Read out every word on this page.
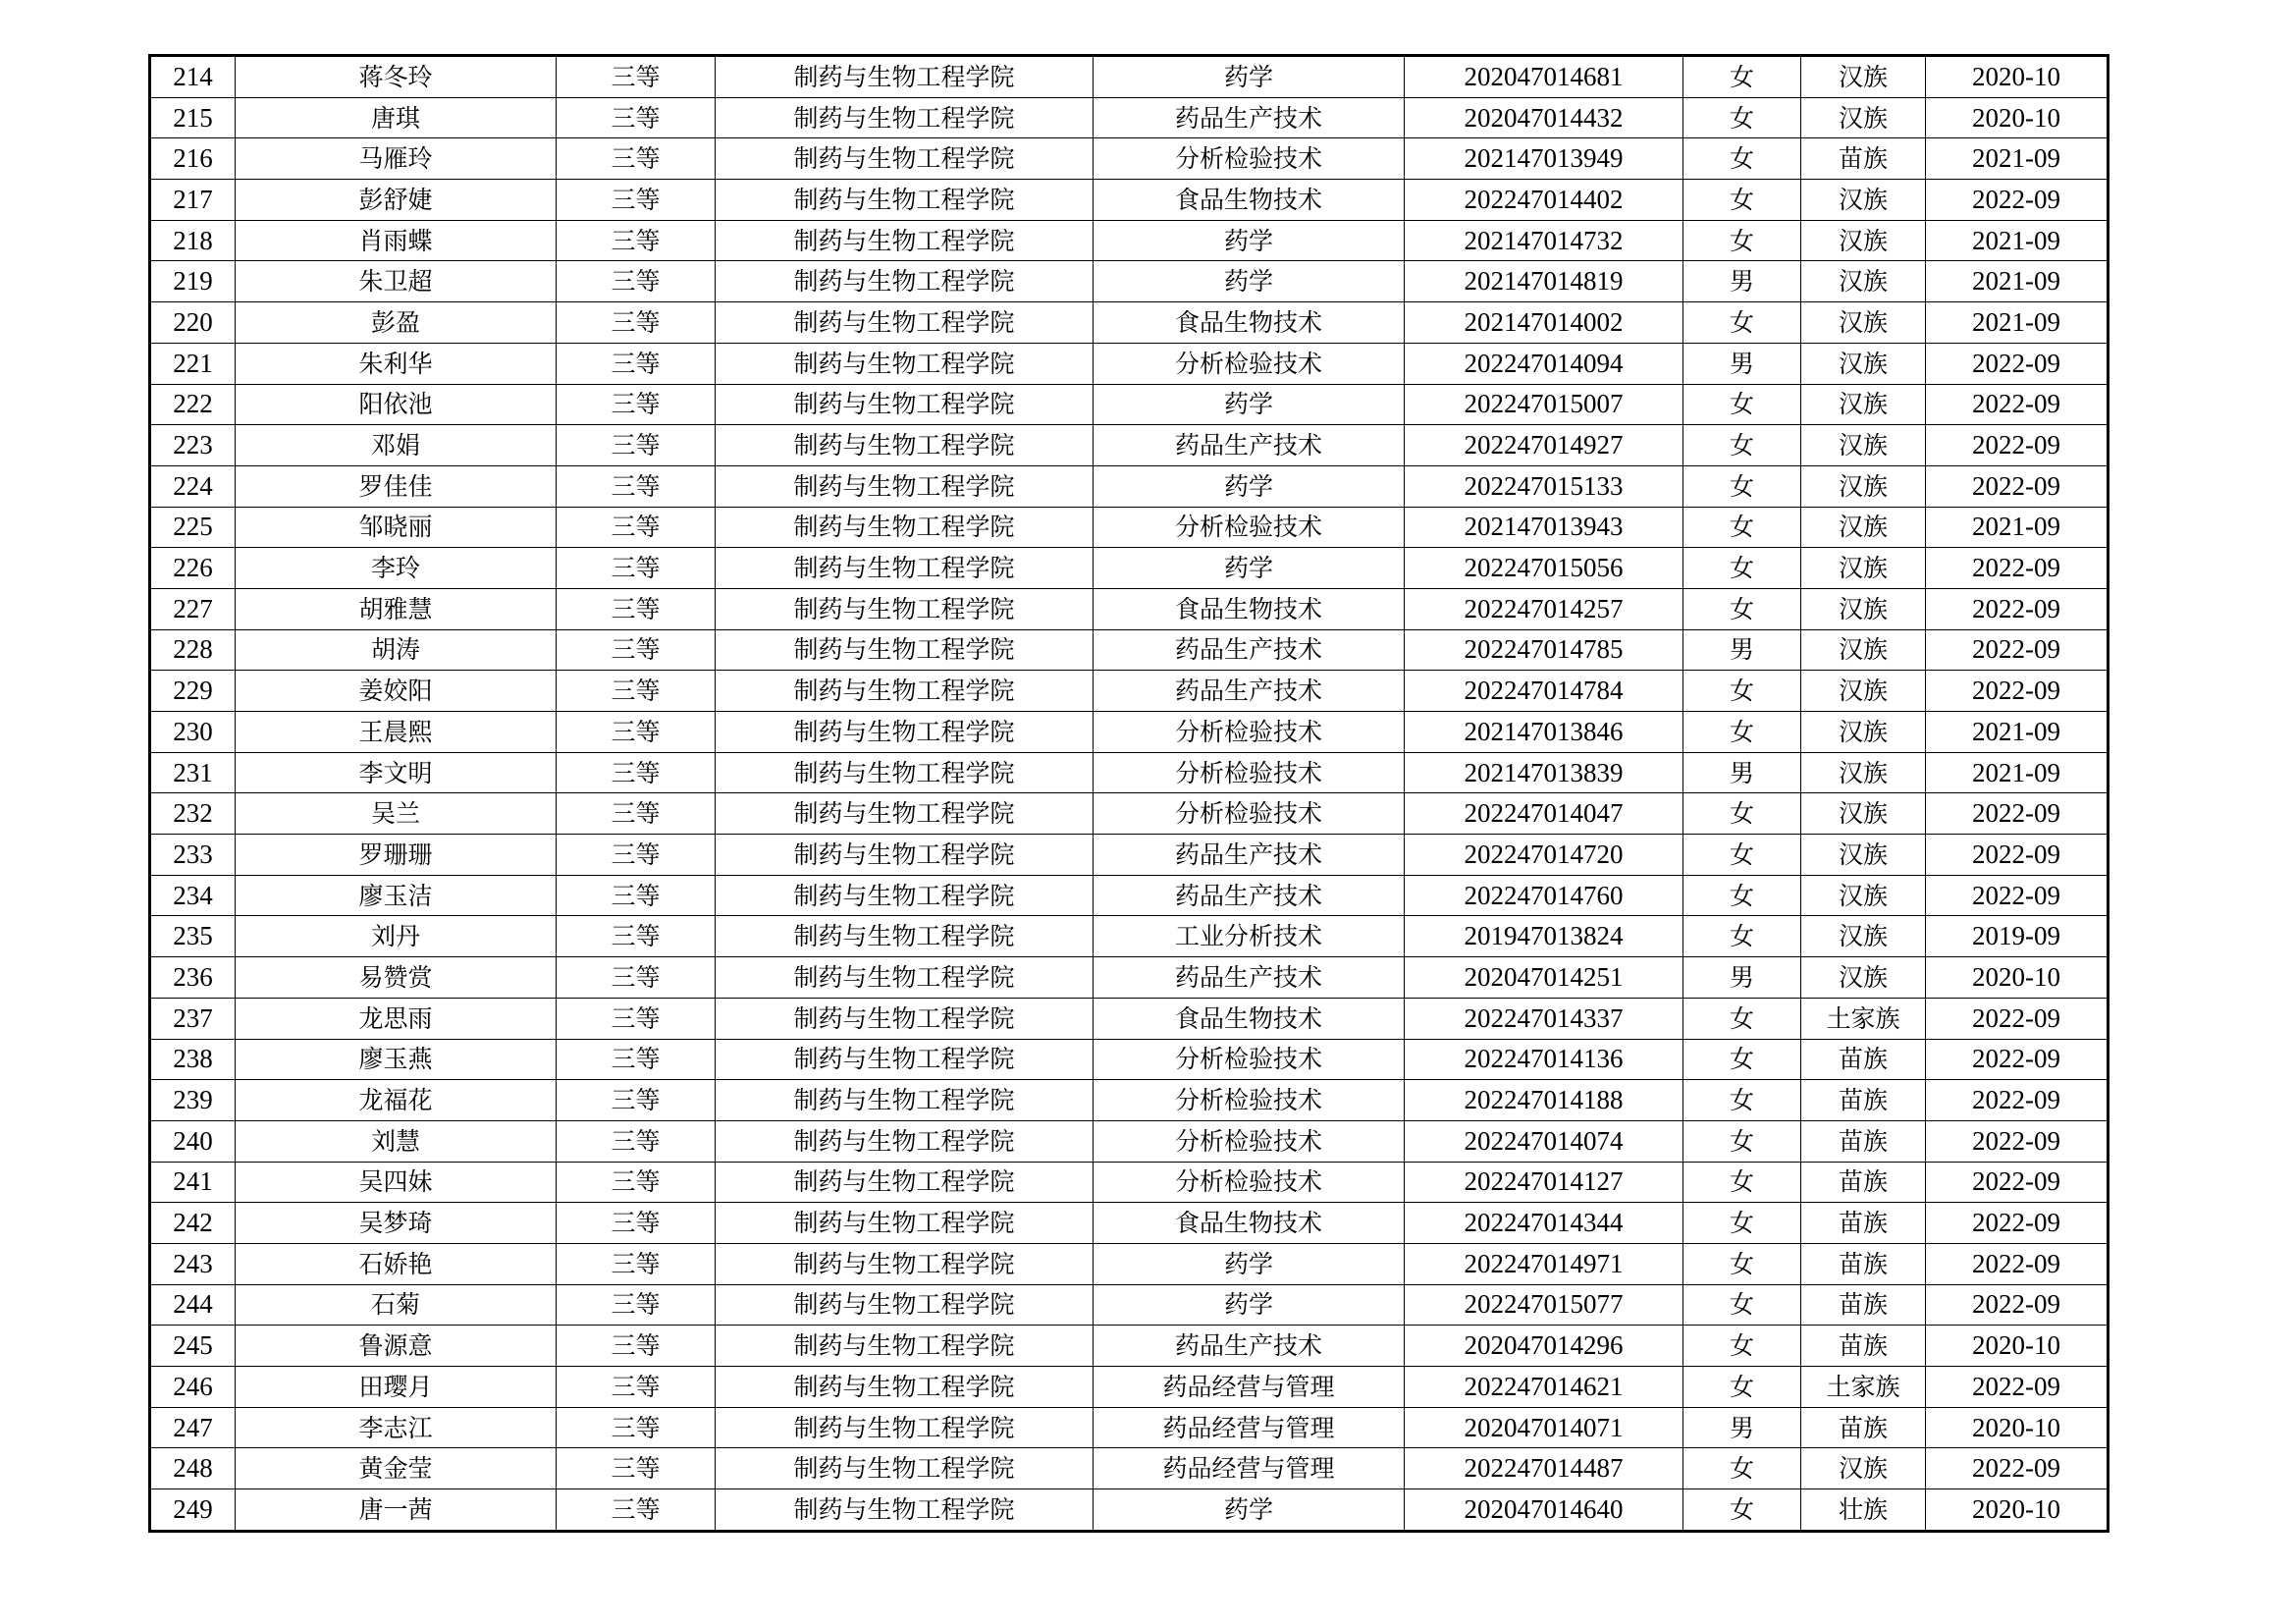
214	蒋冬玲	三等	制药与生物工程学院	药学	202047014681	女	汉族	2020-10
215	唐琪	三等	制药与生物工程学院	药品生产技术	202047014432	女	汉族	2020-10
216	马雁玲	三等	制药与生物工程学院	分析检验技术	202147013949	女	苗族	2021-09
217	彭舒婕	三等	制药与生物工程学院	食品生物技术	202247014402	女	汉族	2022-09
218	肖雨蝶	三等	制药与生物工程学院	药学	202147014732	女	汉族	2021-09
219	朱卫超	三等	制药与生物工程学院	药学	202147014819	男	汉族	2021-09
220	彭盈	三等	制药与生物工程学院	食品生物技术	202147014002	女	汉族	2021-09
221	朱利华	三等	制药与生物工程学院	分析检验技术	202247014094	男	汉族	2022-09
222	阳依池	三等	制药与生物工程学院	药学	202247015007	女	汉族	2022-09
223	邓娟	三等	制药与生物工程学院	药品生产技术	202247014927	女	汉族	2022-09
224	罗佳佳	三等	制药与生物工程学院	药学	202247015133	女	汉族	2022-09
225	邹晓丽	三等	制药与生物工程学院	分析检验技术	202147013943	女	汉族	2021-09
226	李玲	三等	制药与生物工程学院	药学	202247015056	女	汉族	2022-09
227	胡雅慧	三等	制药与生物工程学院	食品生物技术	202247014257	女	汉族	2022-09
228	胡涛	三等	制药与生物工程学院	药品生产技术	202247014785	男	汉族	2022-09
229	姜姣阳	三等	制药与生物工程学院	药品生产技术	202247014784	女	汉族	2022-09
230	王晨熙	三等	制药与生物工程学院	分析检验技术	202147013846	女	汉族	2021-09
231	李文明	三等	制药与生物工程学院	分析检验技术	202147013839	男	汉族	2021-09
232	吴兰	三等	制药与生物工程学院	分析检验技术	202247014047	女	汉族	2022-09
233	罗珊珊	三等	制药与生物工程学院	药品生产技术	202247014720	女	汉族	2022-09
234	廖玉洁	三等	制药与生物工程学院	药品生产技术	202247014760	女	汉族	2022-09
235	刘丹	三等	制药与生物工程学院	工业分析技术	201947013824	女	汉族	2019-09
236	易赞赏	三等	制药与生物工程学院	药品生产技术	202047014251	男	汉族	2020-10
237	龙思雨	三等	制药与生物工程学院	食品生物技术	202247014337	女	土家族	2022-09
238	廖玉燕	三等	制药与生物工程学院	分析检验技术	202247014136	女	苗族	2022-09
239	龙福花	三等	制药与生物工程学院	分析检验技术	202247014188	女	苗族	2022-09
240	刘慧	三等	制药与生物工程学院	分析检验技术	202247014074	女	苗族	2022-09
241	吴四妹	三等	制药与生物工程学院	分析检验技术	202247014127	女	苗族	2022-09
242	吴梦琦	三等	制药与生物工程学院	食品生物技术	202247014344	女	苗族	2022-09
243	石娇艳	三等	制药与生物工程学院	药学	202247014971	女	苗族	2022-09
244	石菊	三等	制药与生物工程学院	药学	202247015077	女	苗族	2022-09
245	鲁源意	三等	制药与生物工程学院	药品生产技术	202047014296	女	苗族	2020-10
246	田璎月	三等	制药与生物工程学院	药品经营与管理	202247014621	女	土家族	2022-09
247	李志江	三等	制药与生物工程学院	药品经营与管理	202047014071	男	苗族	2020-10
248	黄金莹	三等	制药与生物工程学院	药品经营与管理	202247014487	女	汉族	2022-09
249	唐一茜	三等	制药与生物工程学院	药学	202047014640	女	壮族	2020-10
